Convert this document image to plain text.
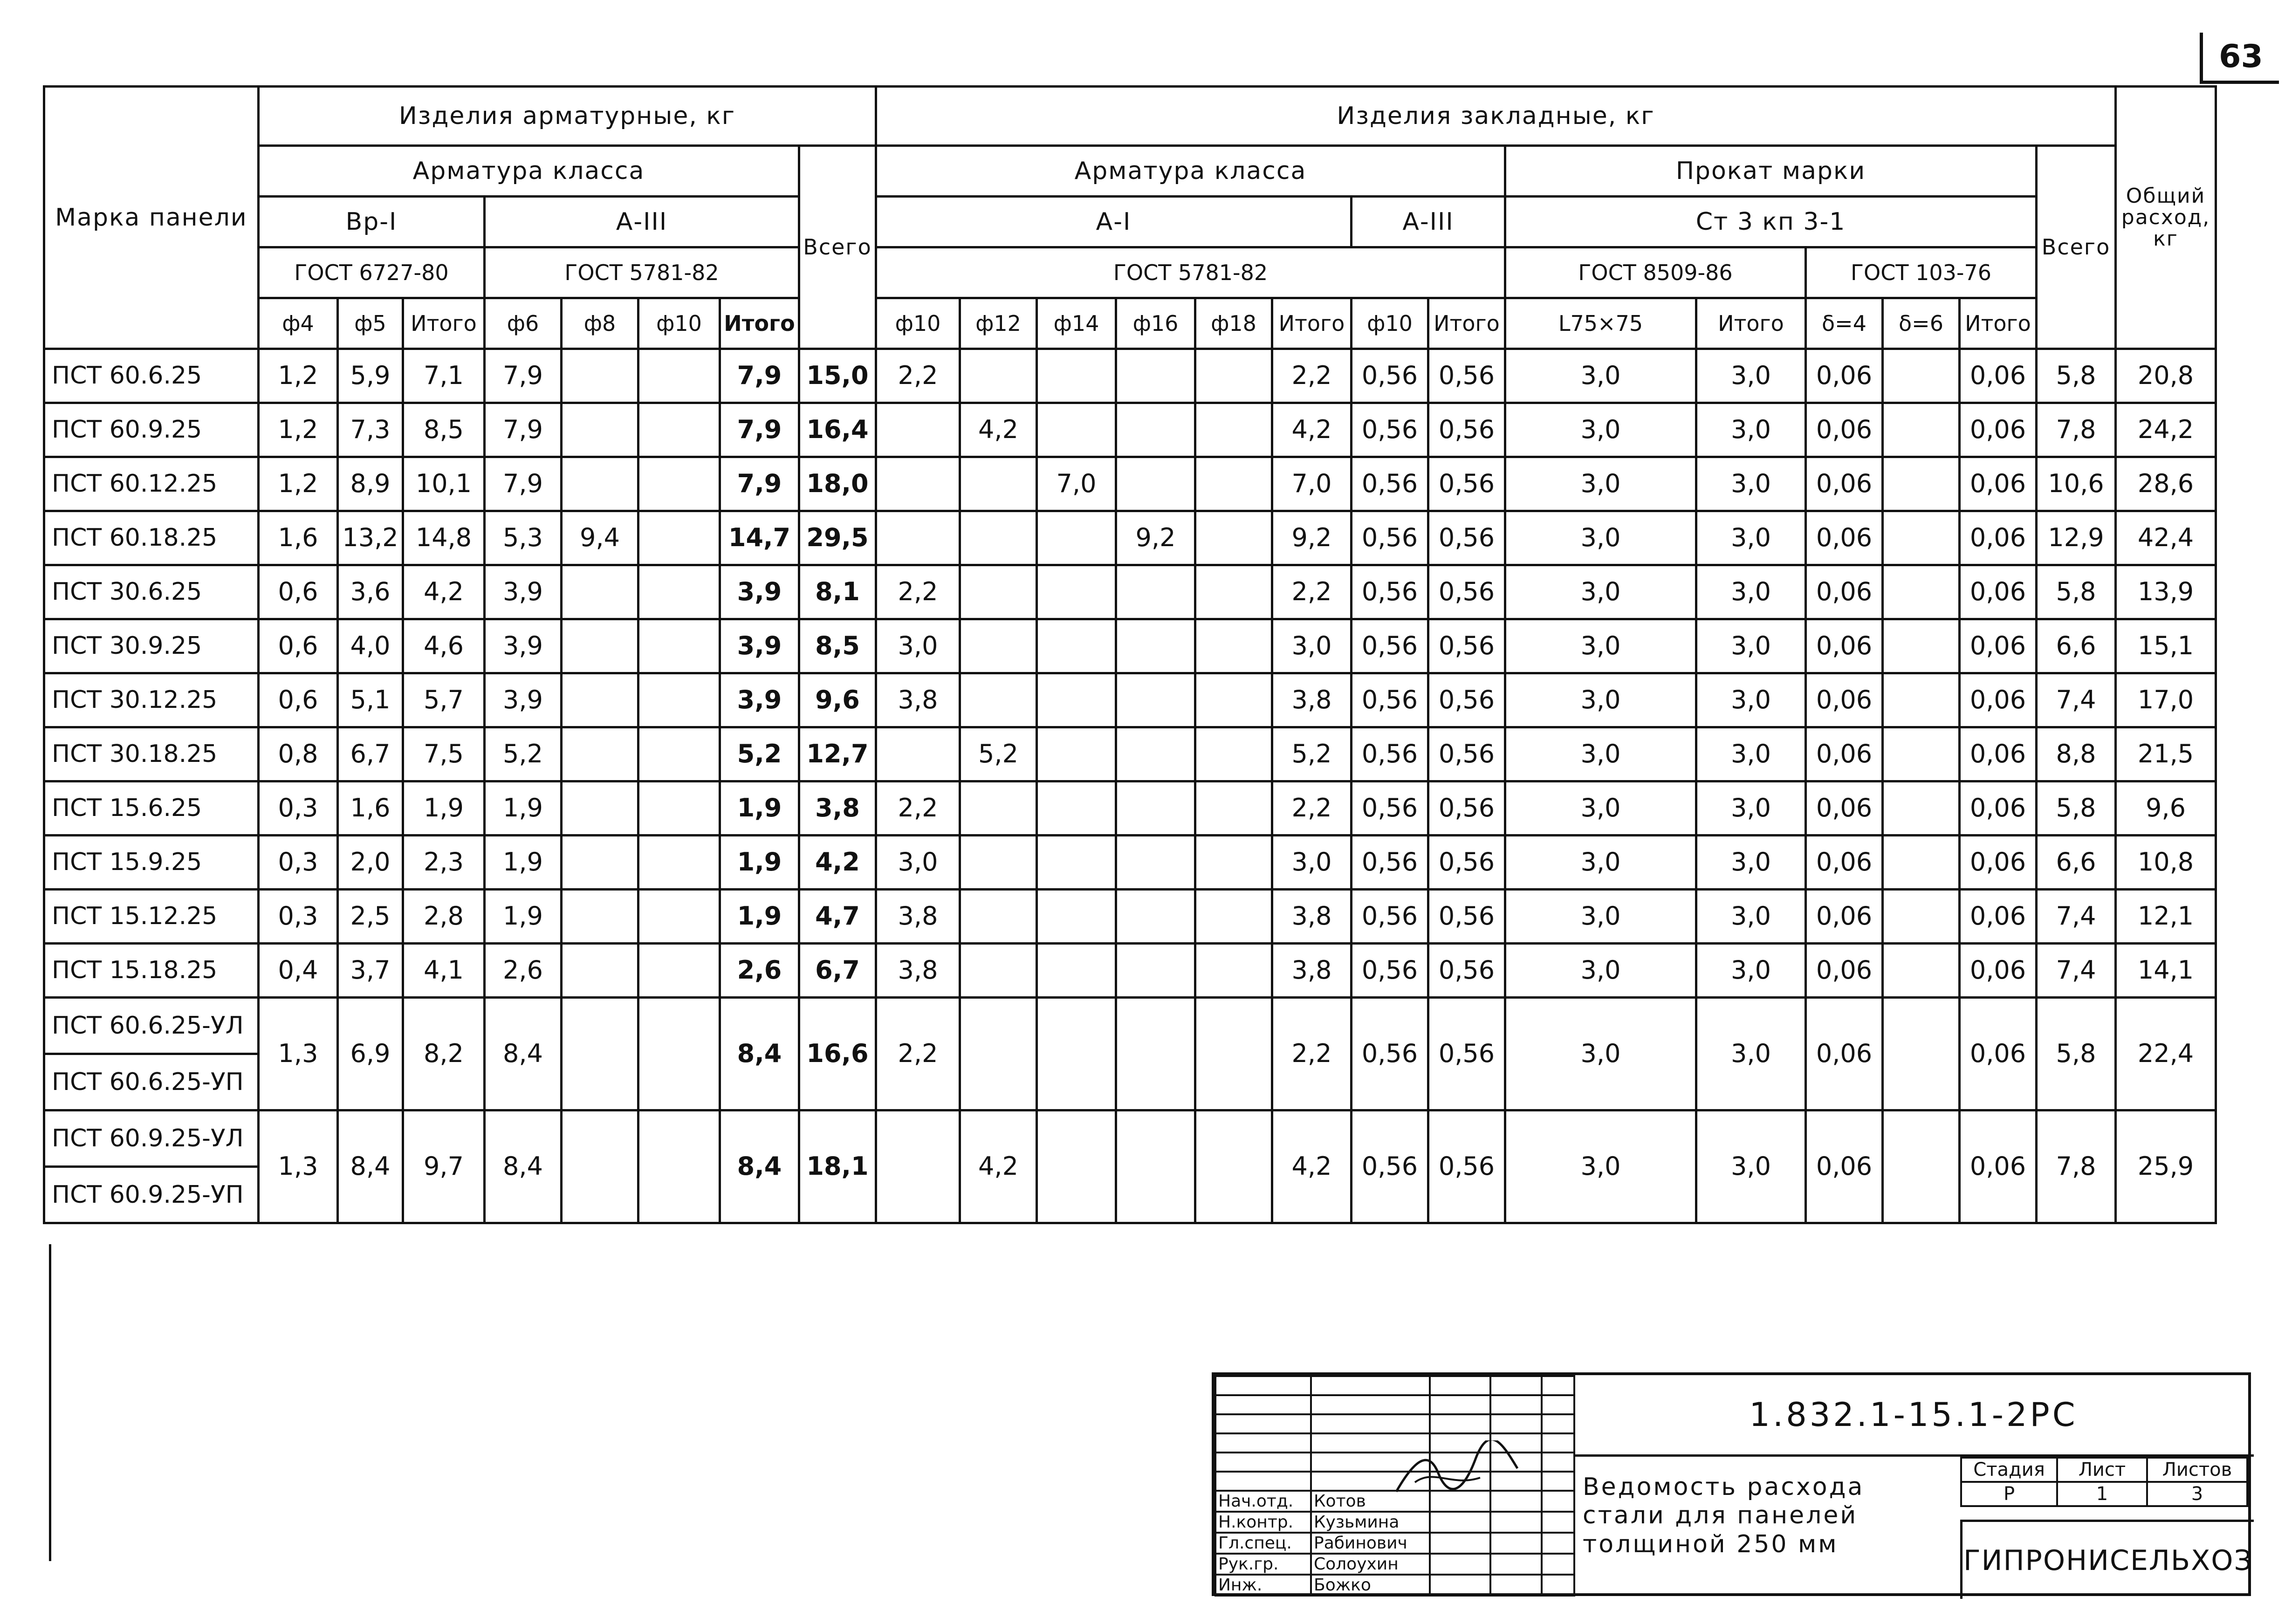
63
Марка панели	Изделия арматурные, кг								Изделия закладные, кг														Общий расход, кг
	Арматура класса							Всего	Арматура класса								Прокат марки					Всего	
	Вр-I			А-III					А-I						А-III		Ст 3 кп 3-1						
	ГОСТ 6727-80			ГОСТ 5781-82					ГОСТ 5781-82								ГОСТ 8509-86		ГОСТ 103-76				
	ф4	ф5	Итого	ф6	ф8	ф10	Итого		ф10	ф12	ф14	ф16	ф18	Итого	ф10	Итого	L75×75	Итого	δ=4	δ=6	Итого		
ПСТ 60.6.25	1,2	5,9	7,1	7,9			7,9	15,0	2,2					2,2	0,56	0,56	3,0	3,0	0,06		0,06	5,8	20,8
ПСТ 60.9.25	1,2	7,3	8,5	7,9			7,9	16,4		4,2				4,2	0,56	0,56	3,0	3,0	0,06		0,06	7,8	24,2
ПСТ 60.12.25	1,2	8,9	10,1	7,9			7,9	18,0			7,0			7,0	0,56	0,56	3,0	3,0	0,06		0,06	10,6	28,6
ПСТ 60.18.25	1,6	13,2	14,8	5,3	9,4		14,7	29,5				9,2		9,2	0,56	0,56	3,0	3,0	0,06		0,06	12,9	42,4
ПСТ 30.6.25	0,6	3,6	4,2	3,9			3,9	8,1	2,2					2,2	0,56	0,56	3,0	3,0	0,06		0,06	5,8	13,9
ПСТ 30.9.25	0,6	4,0	4,6	3,9			3,9	8,5	3,0					3,0	0,56	0,56	3,0	3,0	0,06		0,06	6,6	15,1
ПСТ 30.12.25	0,6	5,1	5,7	3,9			3,9	9,6	3,8					3,8	0,56	0,56	3,0	3,0	0,06		0,06	7,4	17,0
ПСТ 30.18.25	0,8	6,7	7,5	5,2			5,2	12,7		5,2				5,2	0,56	0,56	3,0	3,0	0,06		0,06	8,8	21,5
ПСТ 15.6.25	0,3	1,6	1,9	1,9			1,9	3,8	2,2					2,2	0,56	0,56	3,0	3,0	0,06		0,06	5,8	9,6
ПСТ 15.9.25	0,3	2,0	2,3	1,9			1,9	4,2	3,0					3,0	0,56	0,56	3,0	3,0	0,06		0,06	6,6	10,8
ПСТ 15.12.25	0,3	2,5	2,8	1,9			1,9	4,7	3,8					3,8	0,56	0,56	3,0	3,0	0,06		0,06	7,4	12,1
ПСТ 15.18.25	0,4	3,7	4,1	2,6			2,6	6,7	3,8					3,8	0,56	0,56	3,0	3,0	0,06		0,06	7,4	14,1
ПСТ 60.6.25-УЛ	1,3	6,9	8,2	8,4			8,4	16,6	2,2					2,2	0,56	0,56	3,0	3,0	0,06		0,06	5,8	22,4
ПСТ 60.6.25-УП																							
ПСТ 60.9.25-УЛ	1,3	8,4	9,7	8,4			8,4	18,1		4,2				4,2	0,56	0,56	3,0	3,0	0,06		0,06	7,8	25,9
ПСТ 60.9.25-УП																							

Нач.отд.	Котов			
Н.контр.	Кузьмина			
Гл.спец.	Рабинович			
Рук.гр.	Солоухин			
Инж.	Божко			
1.832.1-15.1-2РС
Ведомость расхода стали для панелей толщиной 250 мм
Стадия	Лист	Листов
Р	1	3
ГИПРОНИСЕЛЬХОЗ
